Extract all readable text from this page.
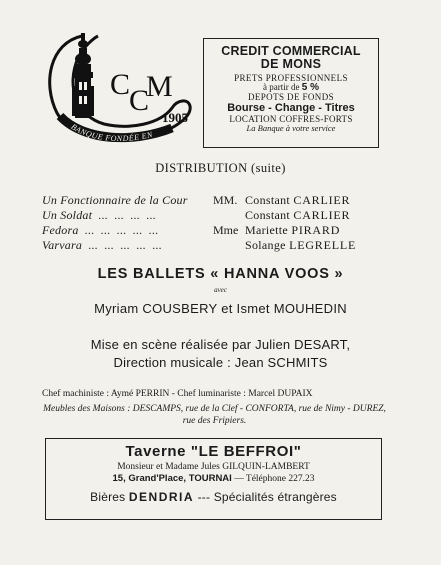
C
C
M
1905
BANQUE FONDÉE EN
CREDIT COMMERCIAL
DE MONS
PRETS PROFESSIONNELS
à partir de 5 %
DEPOTS DE FONDS
Bourse - Change - Titres
LOCATION COFFRES-FORTS
La Banque à votre service
DISTRIBUTION (suite)
Un Fonctionnaire de la Cour MM. Constant CARLIER
Un Soldat  ...  ...  ...  ...	Constant CARLIER
Fedora  ...  ...  ...  ...  ...	Mme Mariette PIRARD
Varvara  ...  ...  ...  ...  ...	Solange LEGRELLE
LES BALLETS « HANNA VOOS »
avec
Myriam COUSBERY et Ismet MOUHEDIN
Mise en scène réalisée par Julien DESART,
Direction musicale : Jean SCHMITS
Chef machiniste : Aymé PERRIN - Chef luminariste : Marcel DUPAIX
Meubles des Maisons : DESCAMPS, rue de la Clef - CONFORTA, rue de Nimy - DUREZ, rue des Fripiers.
Taverne "LE BEFFROI"
Monsieur et Madame Jules GILQUIN-LAMBERT
15, Grand'Place, TOURNAI — Téléphone 227.23
Bières DENDRIA --- Spécialités étrangères
